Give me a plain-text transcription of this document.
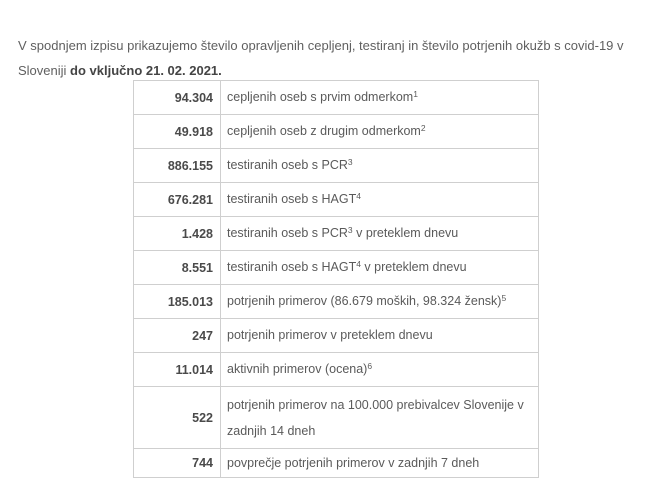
V spodnjem izpisu prikazujemo število opravljenih cepljenj, testiranj in število potrjenih okužb s covid-19 v Sloveniji do vključno 21. 02. 2021.

94.304	cepljenih oseb s prvim odmerkom$^1$
49.918	cepljenih oseb z drugim odmerkom$^2$
886.155	testiranih oseb s PCR$^3$
676.281	testiranih oseb s HAGT$^4$
1.428	testiranih oseb s PCR$^3$ v preteklem dnevu
8.551	testiranih oseb s HAGT$^4$ v preteklem dnevu
185.013	potrjenih primerov (86.679 moških, 98.324 žensk)$^5$
247	potrjenih primerov v preteklem dnevu
11.014	aktivnih primerov (ocena)$^6$
522	potrjenih primerov na 100.000 prebivalcev Slovenije v zadnjih 14 dneh
744	povprečje potrjenih primerov v zadnjih 7 dneh
